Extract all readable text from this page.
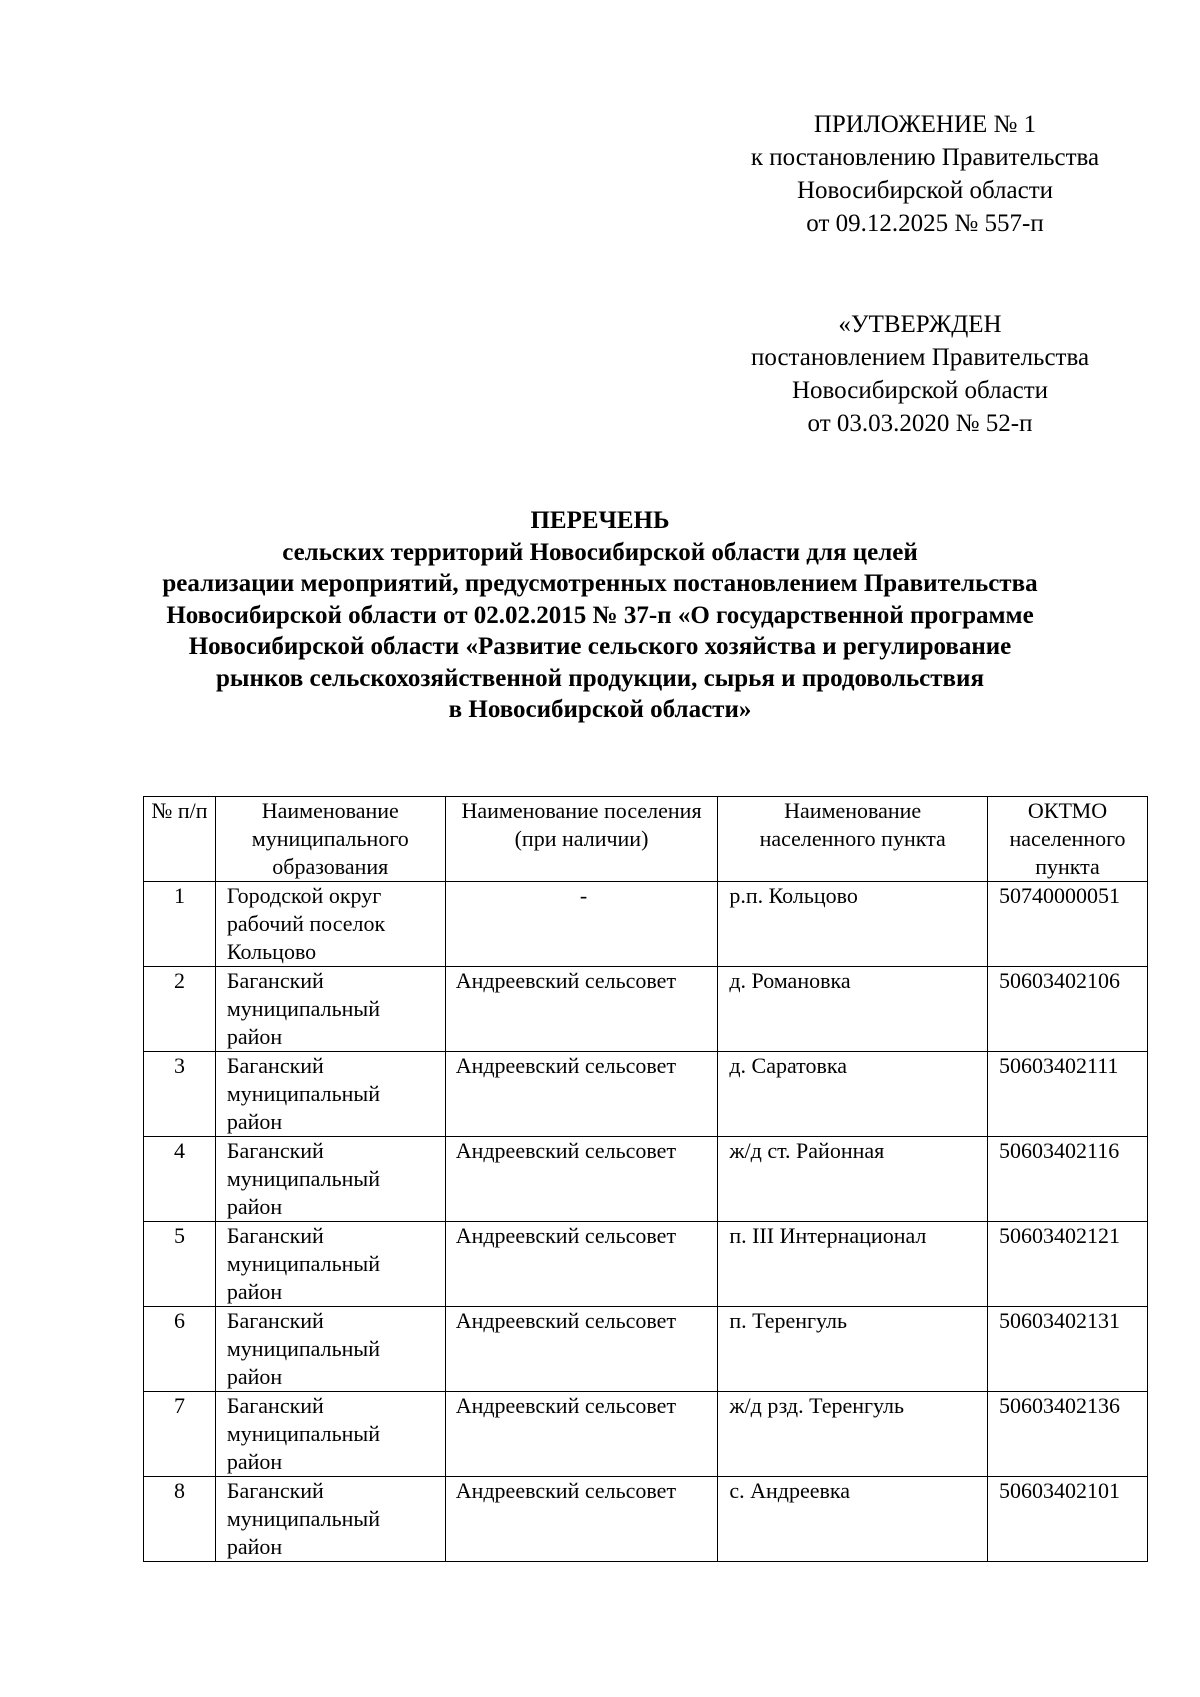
ПРИЛОЖЕНИЕ № 1
к постановлению Правительства
Новосибирской области
от 09.12.2025 № 557-п
«УТВЕРЖДЕН
постановлением Правительства
Новосибирской области
от 03.03.2020 № 52-п
ПЕРЕЧЕНЬ
сельских территорий Новосибирской области для целей
реализации мероприятий, предусмотренных постановлением Правительства
Новосибирской области от 02.02.2015 № 37-п «О государственной программе
Новосибирской области «Развитие сельского хозяйства и регулирование
рынков сельскохозяйственной продукции, сырья и продовольствия
в Новосибирской области»
№ п/п	Наименование муниципального образования	Наименование поселения (при наличии)	Наименование населенного пункта	ОКТМО населенного пункта
1	Городской округ рабочий поселок Кольцово	-	р.п. Кольцово	50740000051
2	Баганский муниципальный район	Андреевский сельсовет	д. Романовка	50603402106
3	Баганский муниципальный район	Андреевский сельсовет	д. Саратовка	50603402111
4	Баганский муниципальный район	Андреевский сельсовет	ж/д ст. Районная	50603402116
5	Баганский муниципальный район	Андреевский сельсовет	п. III Интернационал	50603402121
6	Баганский муниципальный район	Андреевский сельсовет	п. Теренгуль	50603402131
7	Баганский муниципальный район	Андреевский сельсовет	ж/д рзд. Теренгуль	50603402136
8	Баганский муниципальный район	Андреевский сельсовет	с. Андреевка	50603402101
